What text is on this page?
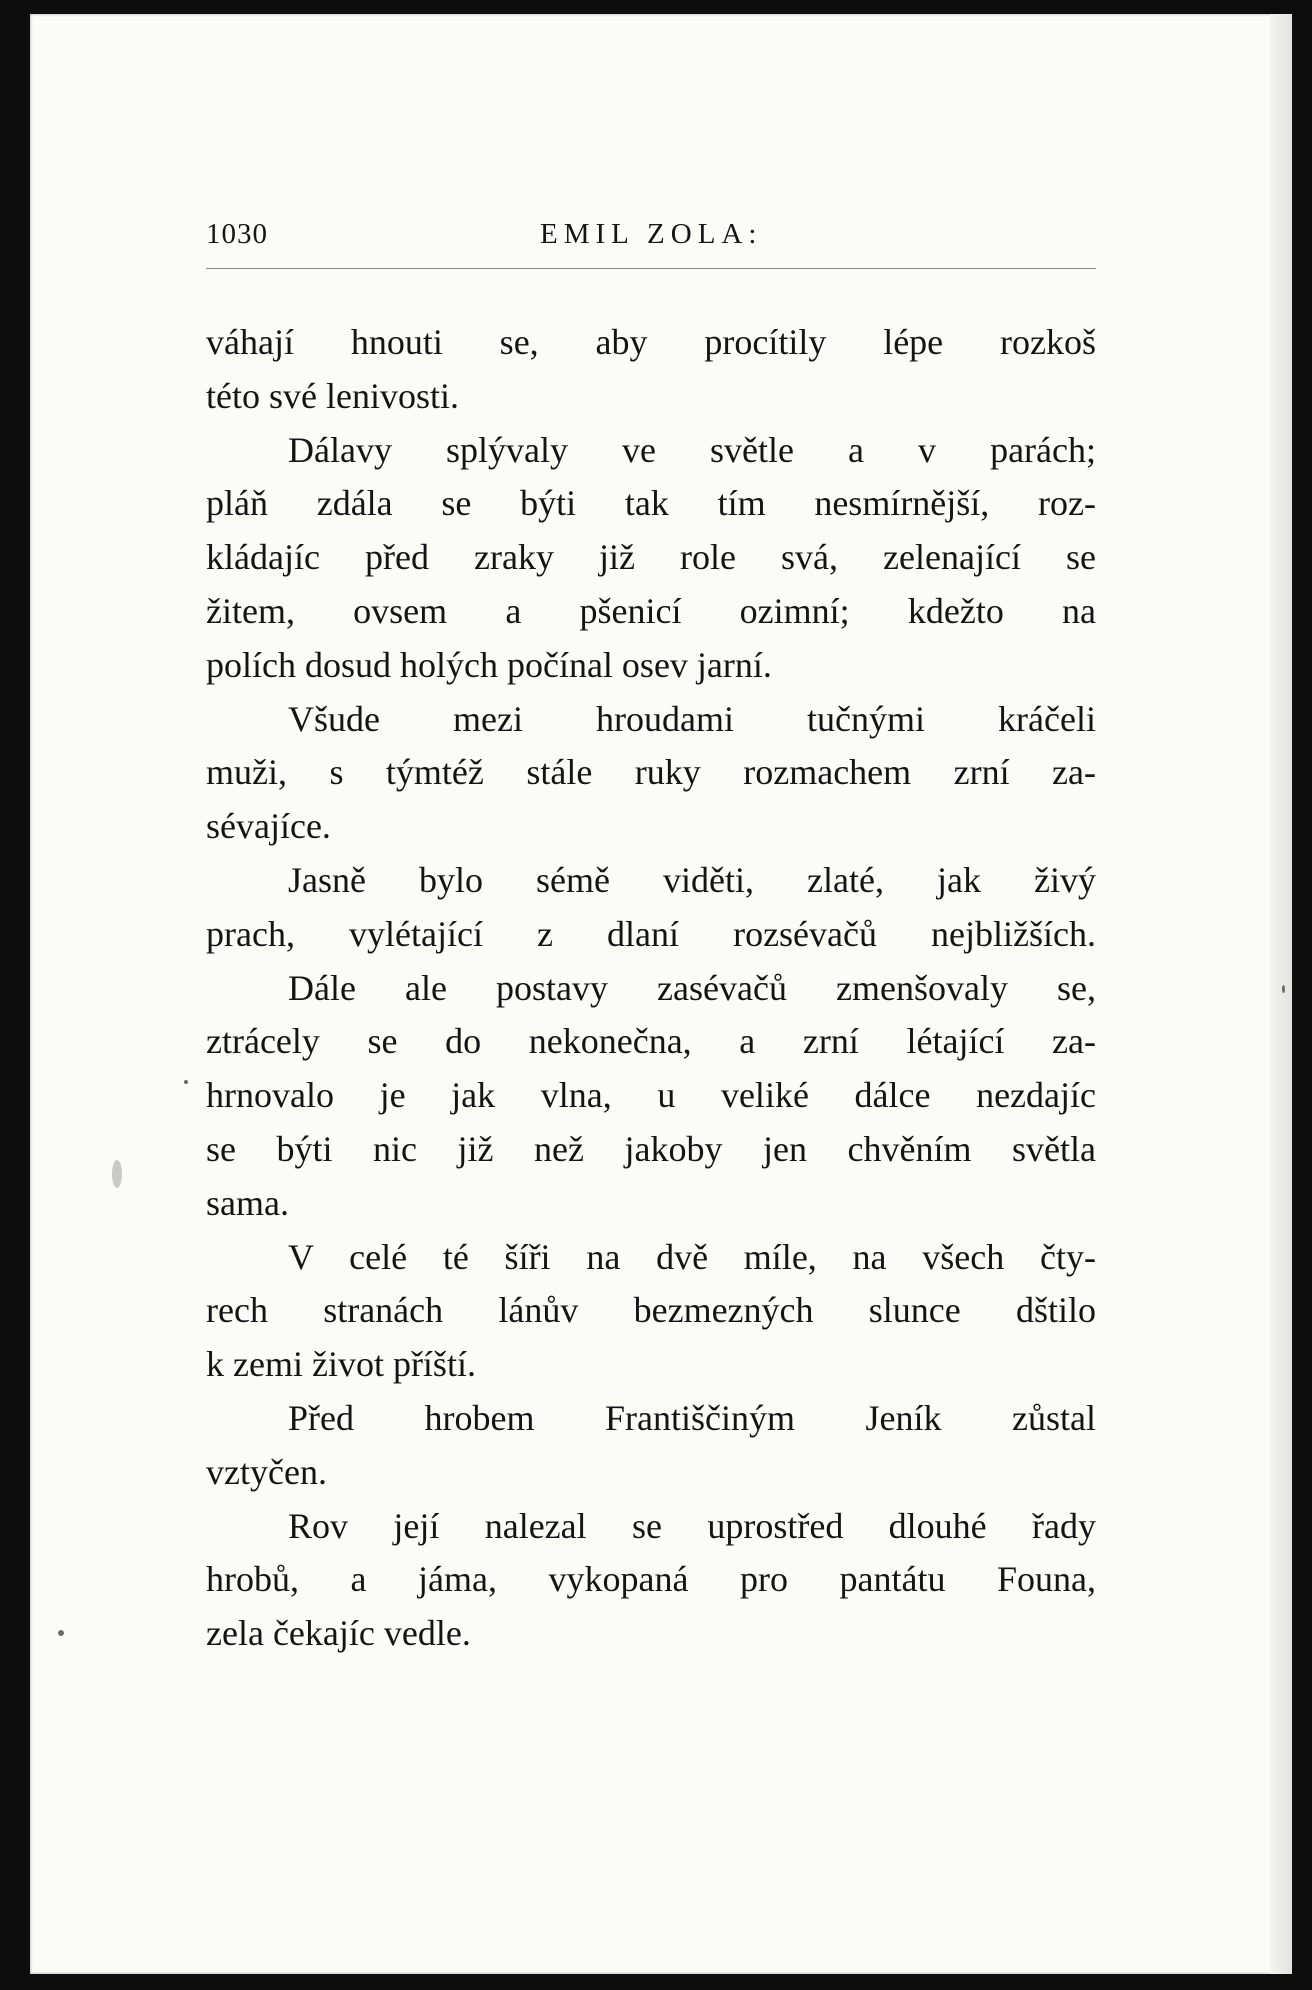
1030	EMIL ZOLA:
váhají hnouti se, aby procítily lépe rozkoš
této své lenivosti.
Dálavy splývaly ve světle a v parách;
pláň zdála se býti tak tím nesmírnější, roz-
kládajíc před zraky již role svá, zelenající se
žitem, ovsem a pšenicí ozimní; kdežto na
polích dosud holých počínal osev jarní.
Všude mezi hroudami tučnými kráčeli
muži, s týmtéž stále ruky rozmachem zrní za-
sévajíce.
Jasně bylo sémě viděti, zlaté, jak živý
prach, vylétající z dlaní rozsévačů nejbližších.
Dále ale postavy zasévačů zmenšovaly se,
ztrácely se do nekonečna, a zrní létající za-
hrnovalo je jak vlna, u veliké dálce nezdajíc
se býti nic již než jakoby jen chvěním světla
sama.
V celé té šíři na dvě míle, na všech čty-
rech stranách lánův bezmezných slunce dštilo
k zemi život příští.
Před hrobem Františčiným Jeník zůstal
vztyčen.
Rov její nalezal se uprostřed dlouhé řady
hrobů, a jáma, vykopaná pro pantátu Founa,
zela čekajíc vedle.
